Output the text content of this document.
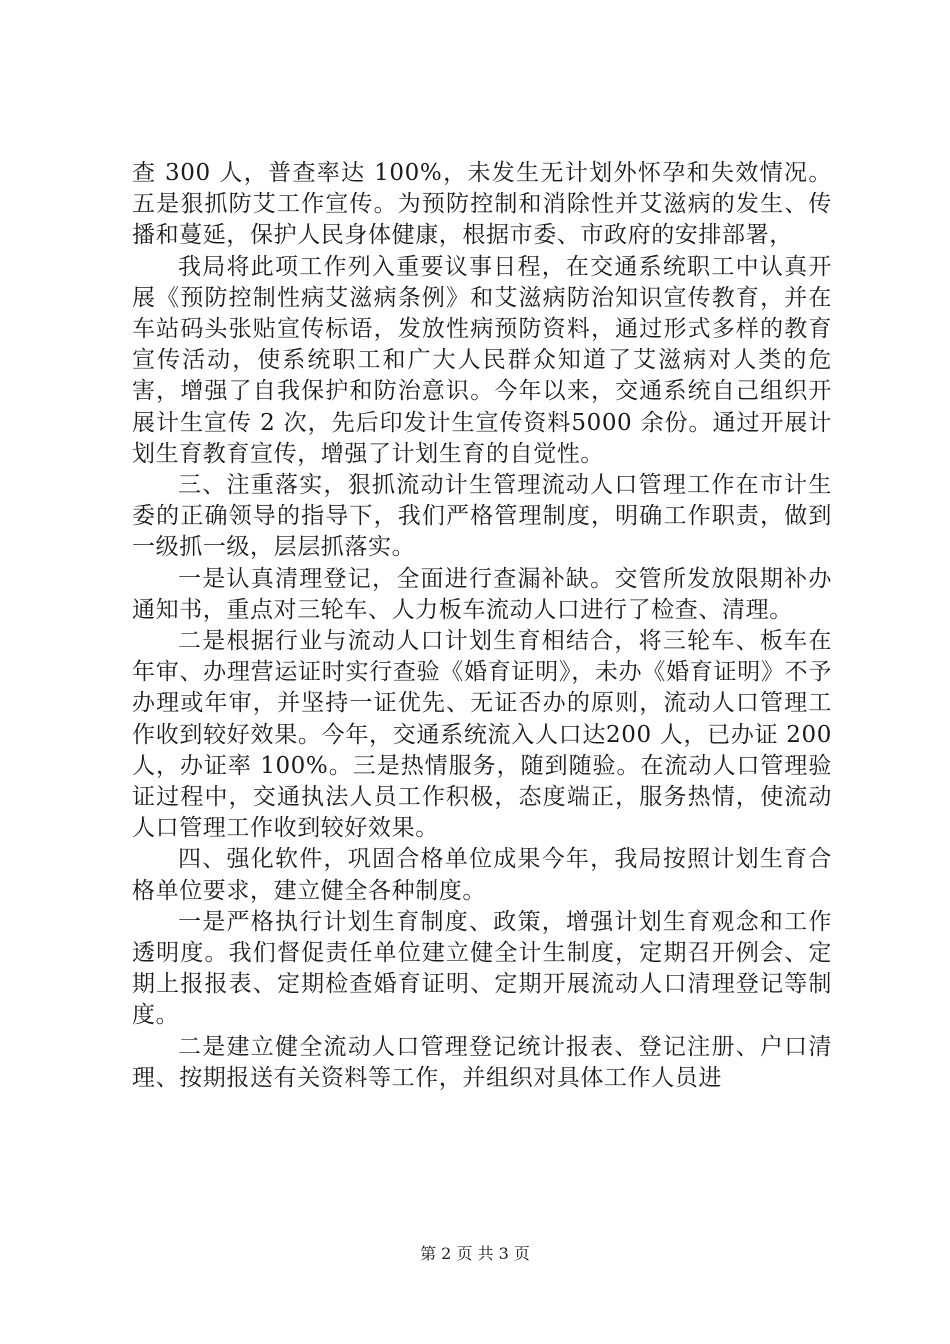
查 300 人，普查率达 100%，未发生无计划外怀孕和失效情况。五是狠抓防艾工作宣传。为预防控制和消除性并艾滋病的发生、传播和蔓延，保护人民身体健康，根据市委、市政府的安排部署，

我局将此项工作列入重要议事日程，在交通系统职工中认真开展《预防控制性病艾滋病条例》和艾滋病防治知识宣传教育，并在车站码头张贴宣传标语，发放性病预防资料，通过形式多样的教育宣传活动，使系统职工和广大人民群众知道了艾滋病对人类的危害，增强了自我保护和防治意识。今年以来，交通系统自己组织开展计生宣传 2 次，先后印发计生宣传资料5000 余份。通过开展计划生育教育宣传，增强了计划生育的自觉性。

三、注重落实，狠抓流动计生管理流动人口管理工作在市计生委的正确领导的指导下，我们严格管理制度，明确工作职责，做到一级抓一级，层层抓落实。

一是认真清理登记，全面进行查漏补缺。交管所发放限期补办通知书，重点对三轮车、人力板车流动人口进行了检查、清理。

二是根据行业与流动人口计划生育相结合，将三轮车、板车在年审、办理营运证时实行查验《婚育证明》，未办《婚育证明》不予办理或年审，并坚持一证优先、无证否办的原则，流动人口管理工作收到较好效果。今年，交通系统流入人口达200 人，已办证 200 人，办证率 100%。三是热情服务，随到随验。在流动人口管理验证过程中，交通执法人员工作积极，态度端正，服务热情，使流动人口管理工作收到较好效果。

四、强化软件，巩固合格单位成果今年，我局按照计划生育合格单位要求，建立健全各种制度。

一是严格执行计划生育制度、政策，增强计划生育观念和工作透明度。我们督促责任单位建立健全计生制度，定期召开例会、定期上报报表、定期检查婚育证明、定期开展流动人口清理登记等制度。

二是建立健全流动人口管理登记统计报表、登记注册、户口清理、按期报送有关资料等工作，并组织对具体工作人员进

第 2 页 共 3 页
